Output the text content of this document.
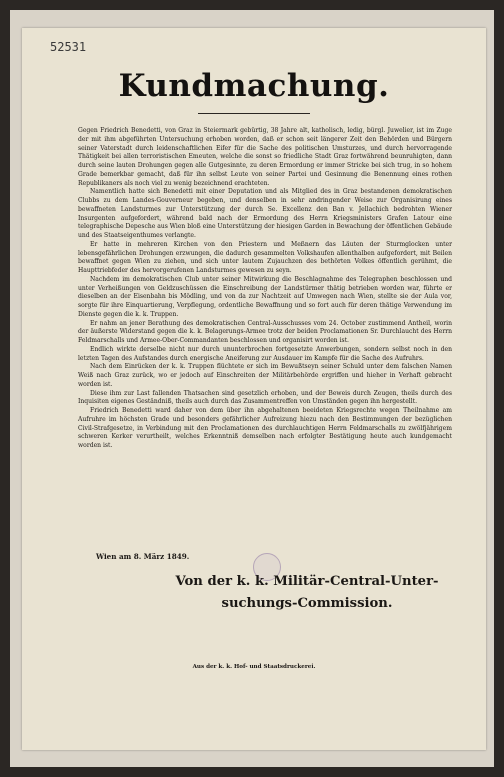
52531
Kundmachung.

Gegen Friedrich Benedetti, von Graz in Steiermark gebürtig, 38 Jahre alt, katholisch, ledig, bürgl. Juwelier, ist im Zuge der mit ihm abgeführten Untersuchung erhoben worden, daß er schon seit längerer Zeit den Behörden und Bürgern seiner Vaterstadt durch leidenschaftlichen Eifer für die Sache des politischen Umsturzes, und durch hervorragende Thätigkeit bei allen terroristischen Emeuten, welche die sonst so friedliche Stadt Graz fortwährend beunruhigten, dann durch seine lauten Drohungen gegen alle Gutgesinnte, zu deren Ermordung er immer Stricke bei sich trug, in so hohem Grade bemerkbar gemacht, daß für ihn selbst Leute von seiner Partei und Gesinnung die Benennung eines rothen Republikaners als noch viel zu wenig bezeichnend erachteten.

Namentlich hatte sich Benedetti mit einer Deputation und als Mitglied des in Graz bestandenen demokratischen Clubbs zu dem Landes-Gouverneur begeben, und denselben in sehr andringender Weise zur Organisirung eines bewaffneten Landsturmes zur Unterstützung der durch Se. Excellenz den Ban v. Jellachich bedrohten Wiener Insurgenten aufgefordert, während bald nach der Ermordung des Herrn Kriegsministers Grafen Latour eine telegraphische Depesche aus Wien bloß eine Unterstützung der hiesigen Garden in Bewachung der öffentlichen Gebäude und des Staatseigenthumes verlangte.

Er hatte in mehreren Kirchen von den Priestern und Meßnern das Läuten der Sturmglocken unter lebensgefährlichen Drohungen erzwungen, die dadurch gesammelten Volkshaufen allenthalben aufgefordert, mit Beilen bewaffnet gegen Wien zu ziehen, und sich unter lautem Zujauchzen des bethörten Volkes öffentlich gerühmt, die Haupttriebfeder des hervorgerufenen Landsturmes gewesen zu seyn.

Nachdem im demokratischen Club unter seiner Mitwirkung die Beschlagnahme des Telegraphen beschlossen und unter Verheißungen von Geldzuschüssen die Einschreibung der Landstürmer thätig betrieben worden war, führte er dieselben an der Eisenbahn bis Mödling, und von da zur Nachtzeit auf Umwegen nach Wien, stellte sie der Aula vor, sorgte für ihre Einquartierung, Verpflegung, ordentliche Bewaffnung und so fort auch für deren thätige Verwendung im Dienste gegen die k. k. Truppen.

Er nahm an jener Berathung des demokratischen Central-Ausschusses vom 24. October zustimmend Antheil, worin der äußerste Widerstand gegen die k. k. Belagerungs-Armee trotz der beiden Proclamationen Sr. Durchlaucht des Herrn Feldmarschalls und Armee-Ober-Commandanten beschlossen und organisirt worden ist.

Endlich wirkte derselbe nicht nur durch ununterbrochen fortgesetzte Anwerbungen, sondern selbst noch in den letzten Tagen des Aufstandes durch energische Aneiferung zur Ausdauer im Kampfe für die Sache des Aufruhrs.

Nach dem Einrücken der k. k. Truppen flüchtete er sich im Bewußtseyn seiner Schuld unter dem falschen Namen Weiß nach Graz zurück, wo er jedoch auf Einschreiten der Militärbehörde ergriffen und hieher in Verhaft gebracht worden ist.

Diese ihm zur Last fallenden Thatsachen sind gesetzlich erhoben, und der Beweis durch Zeugen, theils durch des Inquisiten eigenes Geständniß, theils auch durch das Zusammentreffen von Umständen gegen ihn hergestellt.

Friedrich Benedetti ward daher von dem über ihn abgehaltenen beeideten Kriegsrechte wegen Theilnahme am Aufruhre im höchsten Grade und besonders gefährlicher Aufreizung hiezu nach den Bestimmungen der bezüglichen Civil-Strafgesetze, in Verbindung mit den Proclamationen des durchlauchtigen Herrn Feldmarschalls zu zwölfjährigem schweren Kerker verurtheilt, welches Erkenntniß demselben nach erfolgter Bestätigung heute auch kundgemacht worden ist.

Wien am 8. März 1849.
Von der k. k. Militär-Central-Unter-
suchungs-Commission.
Aus der k. k. Hof- und Staatsdruckerei.
